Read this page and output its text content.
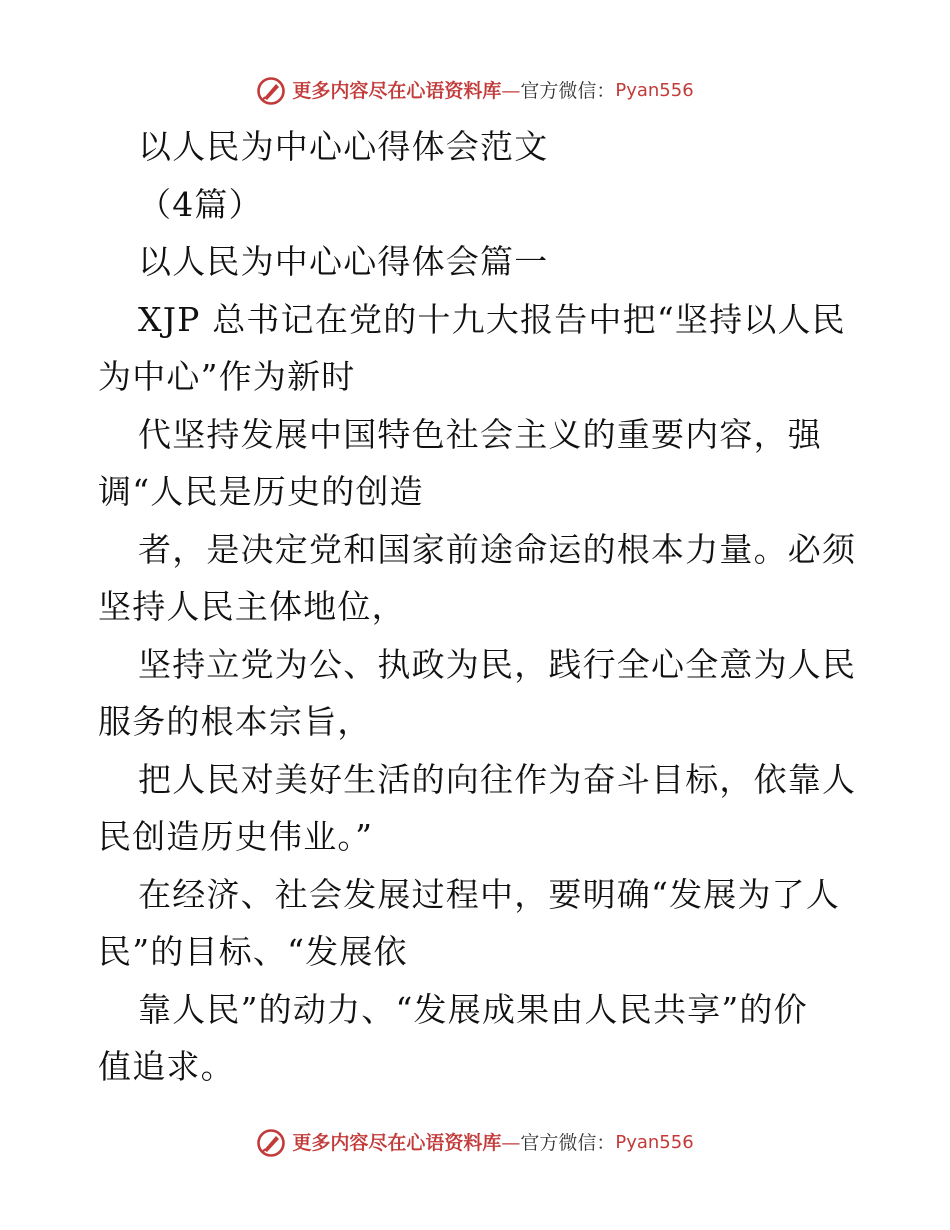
更多内容尽在心语资料库 — 官方微信： Pyan556
以人民为中心心得体会范文
（4篇）
以人民为中心心得体会篇一
XJP 总书记在党的十九大报告中把“坚持以人民
为中心”作为新时
代坚持发展中国特色社会主义的重要内容，强
调“人民是历史的创造
者，是决定党和国家前途命运的根本力量。必须
坚持人民主体地位，
坚持立党为公、执政为民，践行全心全意为人民
服务的根本宗旨，
把人民对美好生活的向往作为奋斗目标，依靠人
民创造历史伟业。”
在经济、社会发展过程中，要明确“发展为了人
民”的目标、“发展依
靠人民”的动力、“发展成果由人民共享”的价
值追求。
更多内容尽在心语资料库 — 官方微信： Pyan556
